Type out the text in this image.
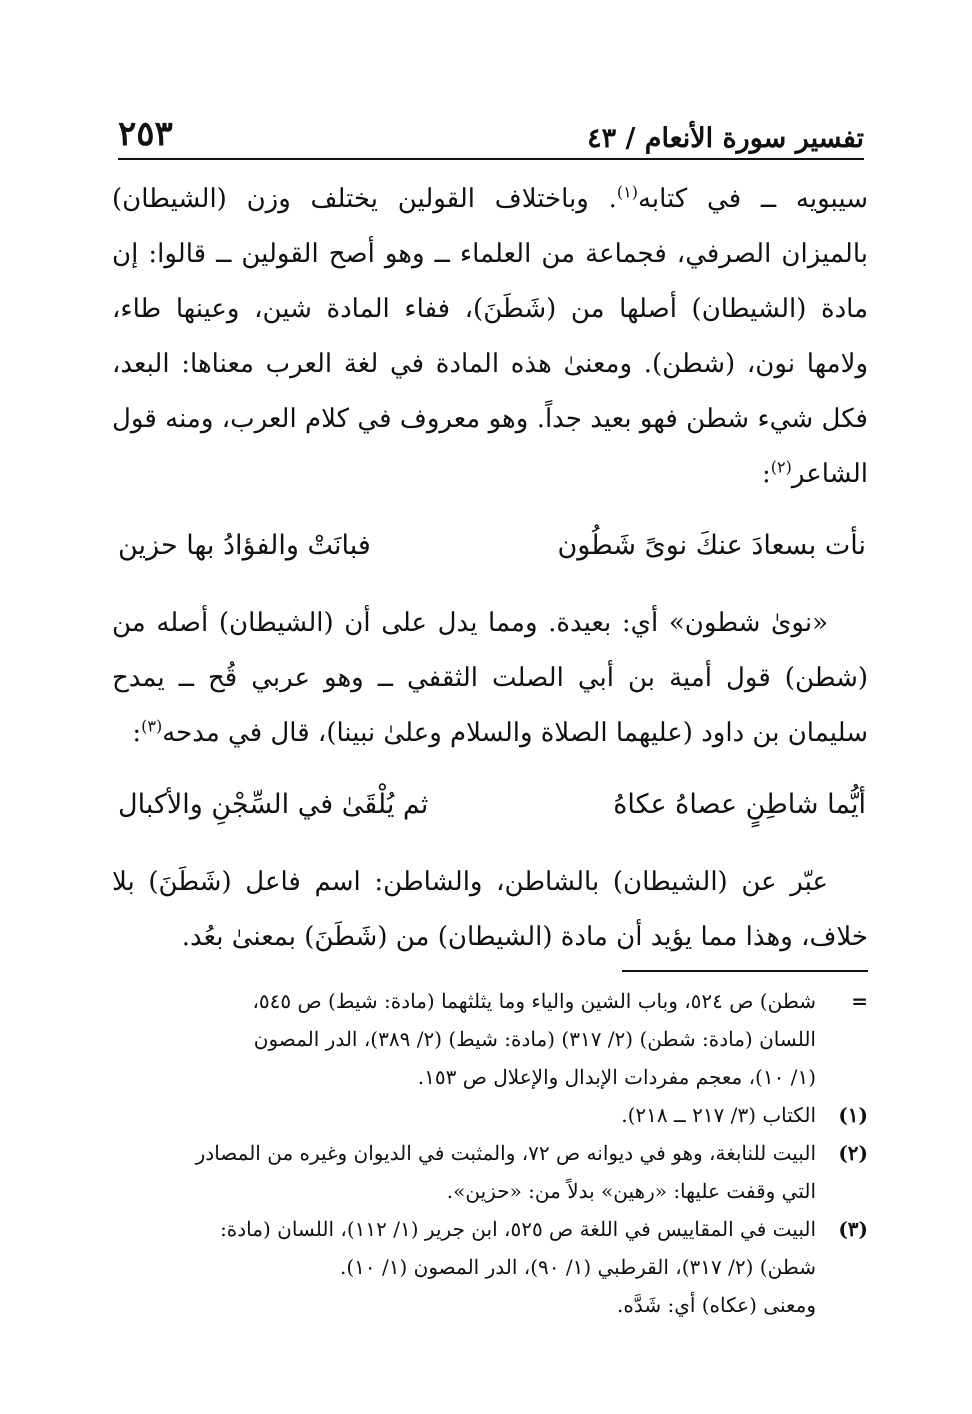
تفسير سورة الأنعام / ٤٣
٢٥٣

سيبويه ــ في كتابه$^{(١)}$. وباختلاف القولين يختلف وزن (الشيطان) بالميزان الصرفي، فجماعة من العلماء ــ وهو أصح القولين ــ قالوا: إن مادة (الشيطان) أصلها من (شَطَنَ)، ففاء المادة شين، وعينها طاء، ولامها نون، (شطن). ومعنىٰ هذه المادة في لغة العرب معناها: البعد، فكل شيء شطن فهو بعيد جداً. وهو معروف في كلام العرب، ومنه قول الشاعر$^{(٢)}$:

نأت بسعادَ عنكَ نوىً شَطُون
فبانَتْ والفؤادُ بها حزين

«نوىٰ شطون» أي: بعيدة. ومما يدل على أن (الشيطان) أصله من (شطن) قول أمية بن أبي الصلت الثقفي ــ وهو عربي قُح ــ يمدح سليمان بن داود (عليهما الصلاة والسلام وعلىٰ نبينا)، قال في مدحه$^{(٣)}$:

أيُّما شاطِنٍ عصاهُ عكاهُ
ثم يُلْقَىٰ في السِّجْنِ والأكبال

عبّر عن (الشيطان) بالشاطن، والشاطن: اسم فاعل (شَطَنَ) بلا خلاف، وهذا مما يؤيد أن مادة (الشيطان) من (شَطَنَ) بمعنىٰ بعُد.

=
شطن) ص ٥٢٤، وباب الشين والياء وما يثلثهما (مادة: شيط) ص ٥٤٥،
اللسان (مادة: شطن) (٢/ ٣١٧) (مادة: شيط) (٢/ ٣٨٩)، الدر المصون
(١/ ١٠)، معجم مفردات الإبدال والإعلال ص ١٥٣.
(١)
الكتاب (٣/ ٢١٧ ــ ٢١٨).
(٢)
البيت للنابغة، وهو في ديوانه ص ٧٢، والمثبت في الديوان وغيره من المصادر
التي وقفت عليها: «رهين» بدلاً من: «حزين».
(٣)
البيت في المقاييس في اللغة ص ٥٢٥، ابن جرير (١/ ١١٢)، اللسان (مادة:
شطن) (٢/ ٣١٧)، القرطبي (١/ ٩٠)، الدر المصون (١/ ١٠).
ومعنى (عكاه) أي: شَدَّه.
